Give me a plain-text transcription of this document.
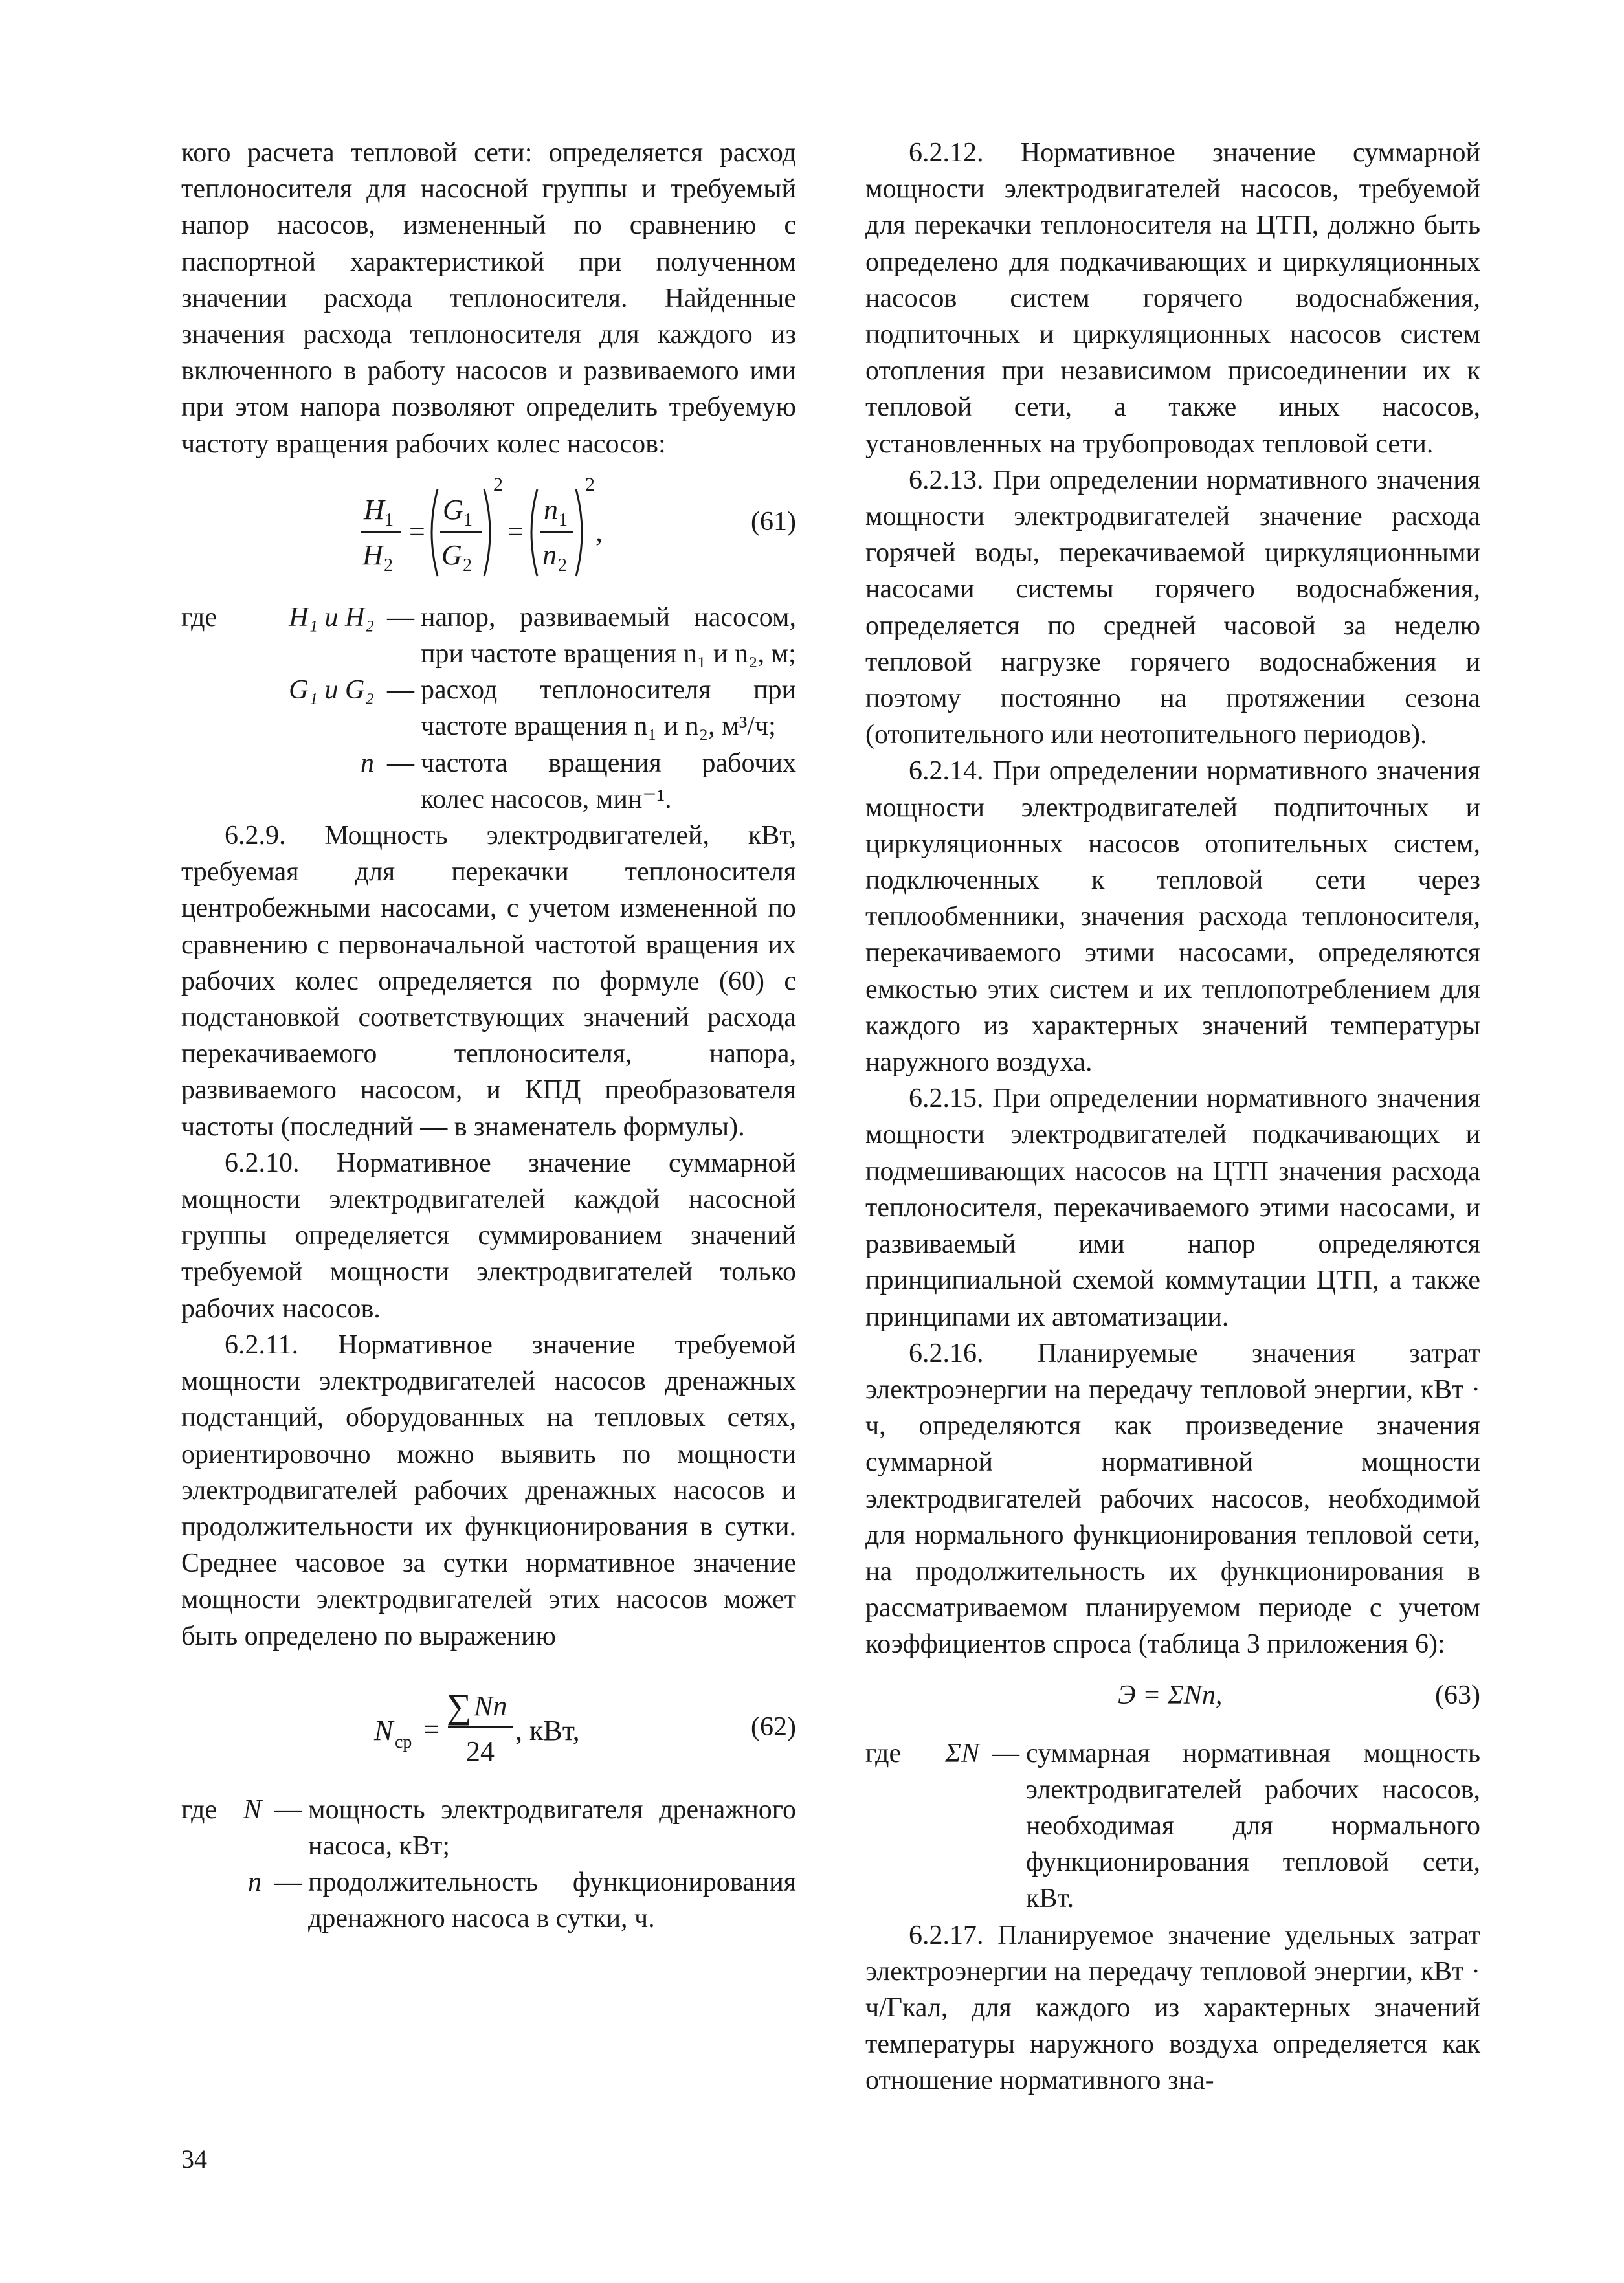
кого расчета тепловой сети: определяется расход теплоносителя для насосной группы и требуемый напор насосов, измененный по сравнению с паспортной характеристикой при полученном значении расхода теплоносителя. Найденные значения расхода теплоносителя для каждого из включенного в работу насосов и развиваемого ими при этом напора позволяют определить требуемую частоту вращения рабочих колес насосов:

H 1
H 2
=
G 1
G 2
2
=
n 1
n 2
2
,	(61)
где	H₁ и H₂ — напор, развиваемый насосом, при частоте вращения n₁ и n₂, м;
G₁ и G₂ — расход теплоносителя при частоте вращения n₁ и n₂, м³/ч;
n — частота вращения рабочих колес насосов, мин⁻¹.

6.2.9. Мощность электродвигателей, кВт, требуемая для перекачки теплоносителя центробежными насосами, с учетом измененной по сравнению с первоначальной частотой вращения их рабочих колес определяется по формуле (60) с подстановкой соответствующих значений расхода перекачиваемого теплоносителя, напора, развиваемого насосом, и КПД преобразователя частоты (последний — в знаменатель формулы).

6.2.10. Нормативное значение суммарной мощности электродвигателей каждой насосной группы определяется суммированием значений требуемой мощности электродвигателей только рабочих насосов.

6.2.11. Нормативное значение требуемой мощности электродвигателей насосов дренажных подстанций, оборудованных на тепловых сетях, ориентировочно можно выявить по мощности электродвигателей рабочих дренажных насосов и продолжительности их функционирования в сутки. Среднее часовое за сутки нормативное значение мощности электродвигателей этих насосов может быть определено по выражению

N ср =
∑ Nn
24
, кВт,	(62)
где N — мощность электродвигателя дренажного насоса, кВт;
n — продолжительность функционирования дренажного насоса в сутки, ч.

6.2.12. Нормативное значение суммарной мощности электродвигателей насосов, требуемой для перекачки теплоносителя на ЦТП, должно быть определено для подкачивающих и циркуляционных насосов систем горячего водоснабжения, подпиточных и циркуляционных насосов систем отопления при независимом присоединении их к тепловой сети, а также иных насосов, установленных на трубопроводах тепловой сети.

6.2.13. При определении нормативного значения мощности электродвигателей значение расхода горячей воды, перекачиваемой циркуляционными насосами системы горячего водоснабжения, определяется по средней часовой за неделю тепловой нагрузке горячего водоснабжения и поэтому постоянно на протяжении сезона (отопительного или неотопительного периодов).

6.2.14. При определении нормативного значения мощности электродвигателей подпиточных и циркуляционных насосов отопительных систем, подключенных к тепловой сети через теплообменники, значения расхода теплоносителя, перекачиваемого этими насосами, определяются емкостью этих систем и их теплопотреблением для каждого из характерных значений температуры наружного воздуха.

6.2.15. При определении нормативного значения мощности электродвигателей подкачивающих и подмешивающих насосов на ЦТП значения расхода теплоносителя, перекачиваемого этими насосами, и развиваемый ими напор определяются принципиальной схемой коммутации ЦТП, а также принципами их автоматизации.

6.2.16. Планируемые значения затрат электроэнергии на передачу тепловой энергии, кВт · ч, определяются как произведение значения суммарной нормативной мощности электродвигателей рабочих насосов, необходимой для нормального функционирования тепловой сети, на продолжительность их функционирования в рассматриваемом планируемом периоде с учетом коэффициентов спроса (таблица 3 приложения 6):

Э = ΣNn,	(63)
где ΣN — суммарная нормативная мощность электродвигателей рабочих насосов, необходимая для нормального функционирования тепловой сети, кВт.

6.2.17. Планируемое значение удельных затрат электроэнергии на передачу тепловой энергии, кВт · ч/Гкал, для каждого из характерных значений температуры наружного воздуха определяется как отношение нормативного зна-

34
